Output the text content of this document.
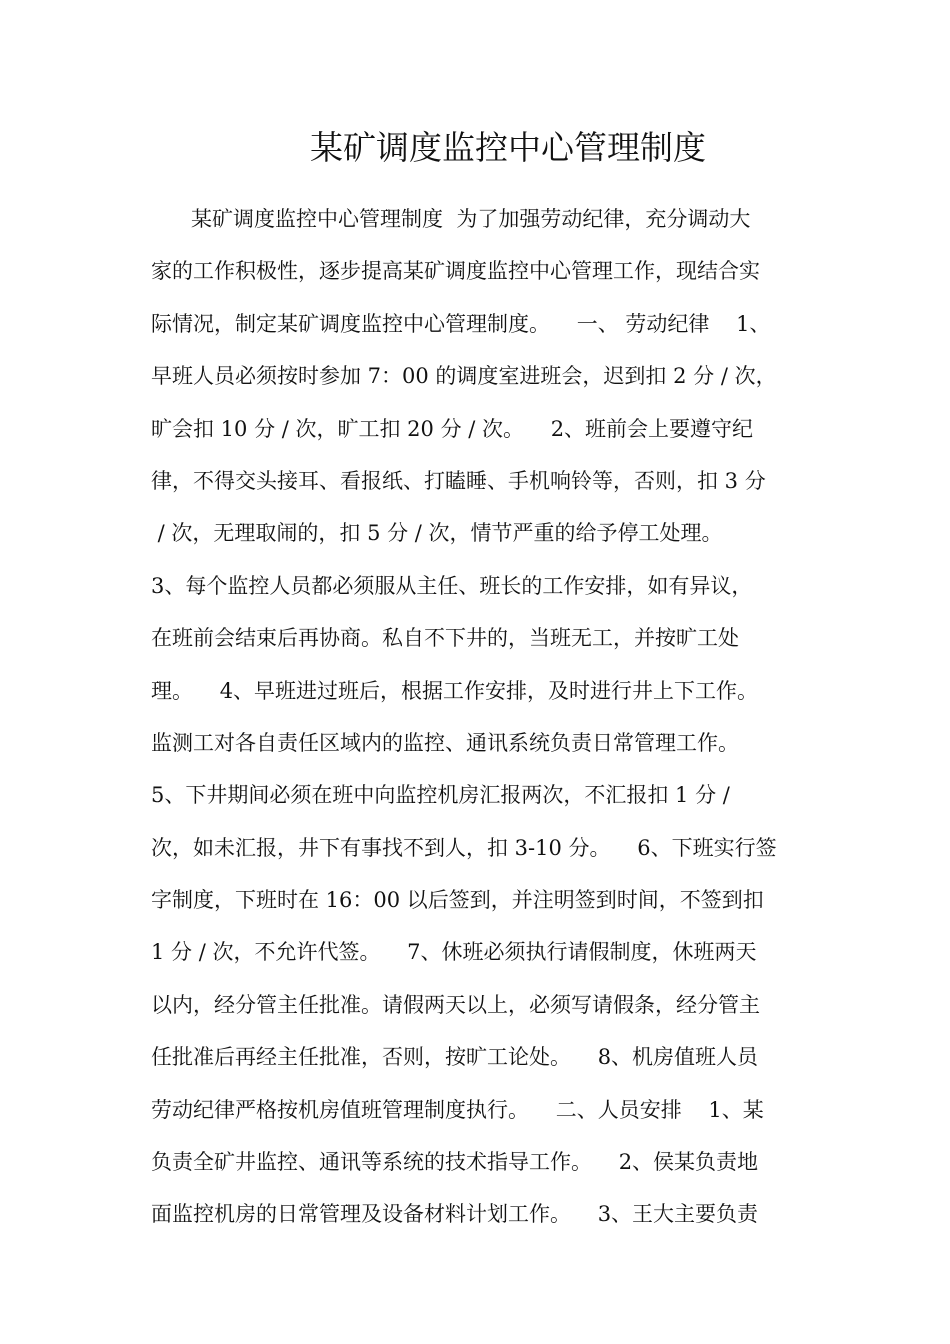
某矿调度监控中心管理制度
某矿调度监控中心管理制度  为了加强劳动纪律，充分调动大
家的工作积极性，逐步提高某矿调度监控中心管理工作，现结合实
际情况，制定某矿调度监控中心管理制度。    一、 劳动纪律    1、
早班人员必须按时参加 7：00 的调度室进班会，迟到扣 2 分 / 次，
旷会扣 10 分 / 次，旷工扣 20 分 / 次。    2、班前会上要遵守纪
律，不得交头接耳、看报纸、打瞌睡、手机响铃等，否则，扣 3 分
/ 次，无理取闹的，扣 5 分 / 次，情节严重的给予停工处理。
3、每个监控人员都必须服从主任、班长的工作安排，如有异议，
在班前会结束后再协商。私自不下井的，当班无工，并按旷工处
理。    4、早班进过班后，根据工作安排，及时进行井上下工作。
监测工对各自责任区域内的监控、通讯系统负责日常管理工作。
5、下井期间必须在班中向监控机房汇报两次，不汇报扣 1 分 /
次，如未汇报，井下有事找不到人，扣 3-10 分。    6、下班实行签
字制度，下班时在 16：00 以后签到，并注明签到时间，不签到扣
1 分 / 次，不允许代签。    7、休班必须执行请假制度，休班两天
以内，经分管主任批准。请假两天以上，必须写请假条，经分管主
任批准后再经主任批准，否则，按旷工论处。    8、机房值班人员
劳动纪律严格按机房值班管理制度执行。    二、人员安排    1、某
负责全矿井监控、通讯等系统的技术指导工作。    2、侯某负责地
面监控机房的日常管理及设备材料计划工作。    3、王大主要负责
